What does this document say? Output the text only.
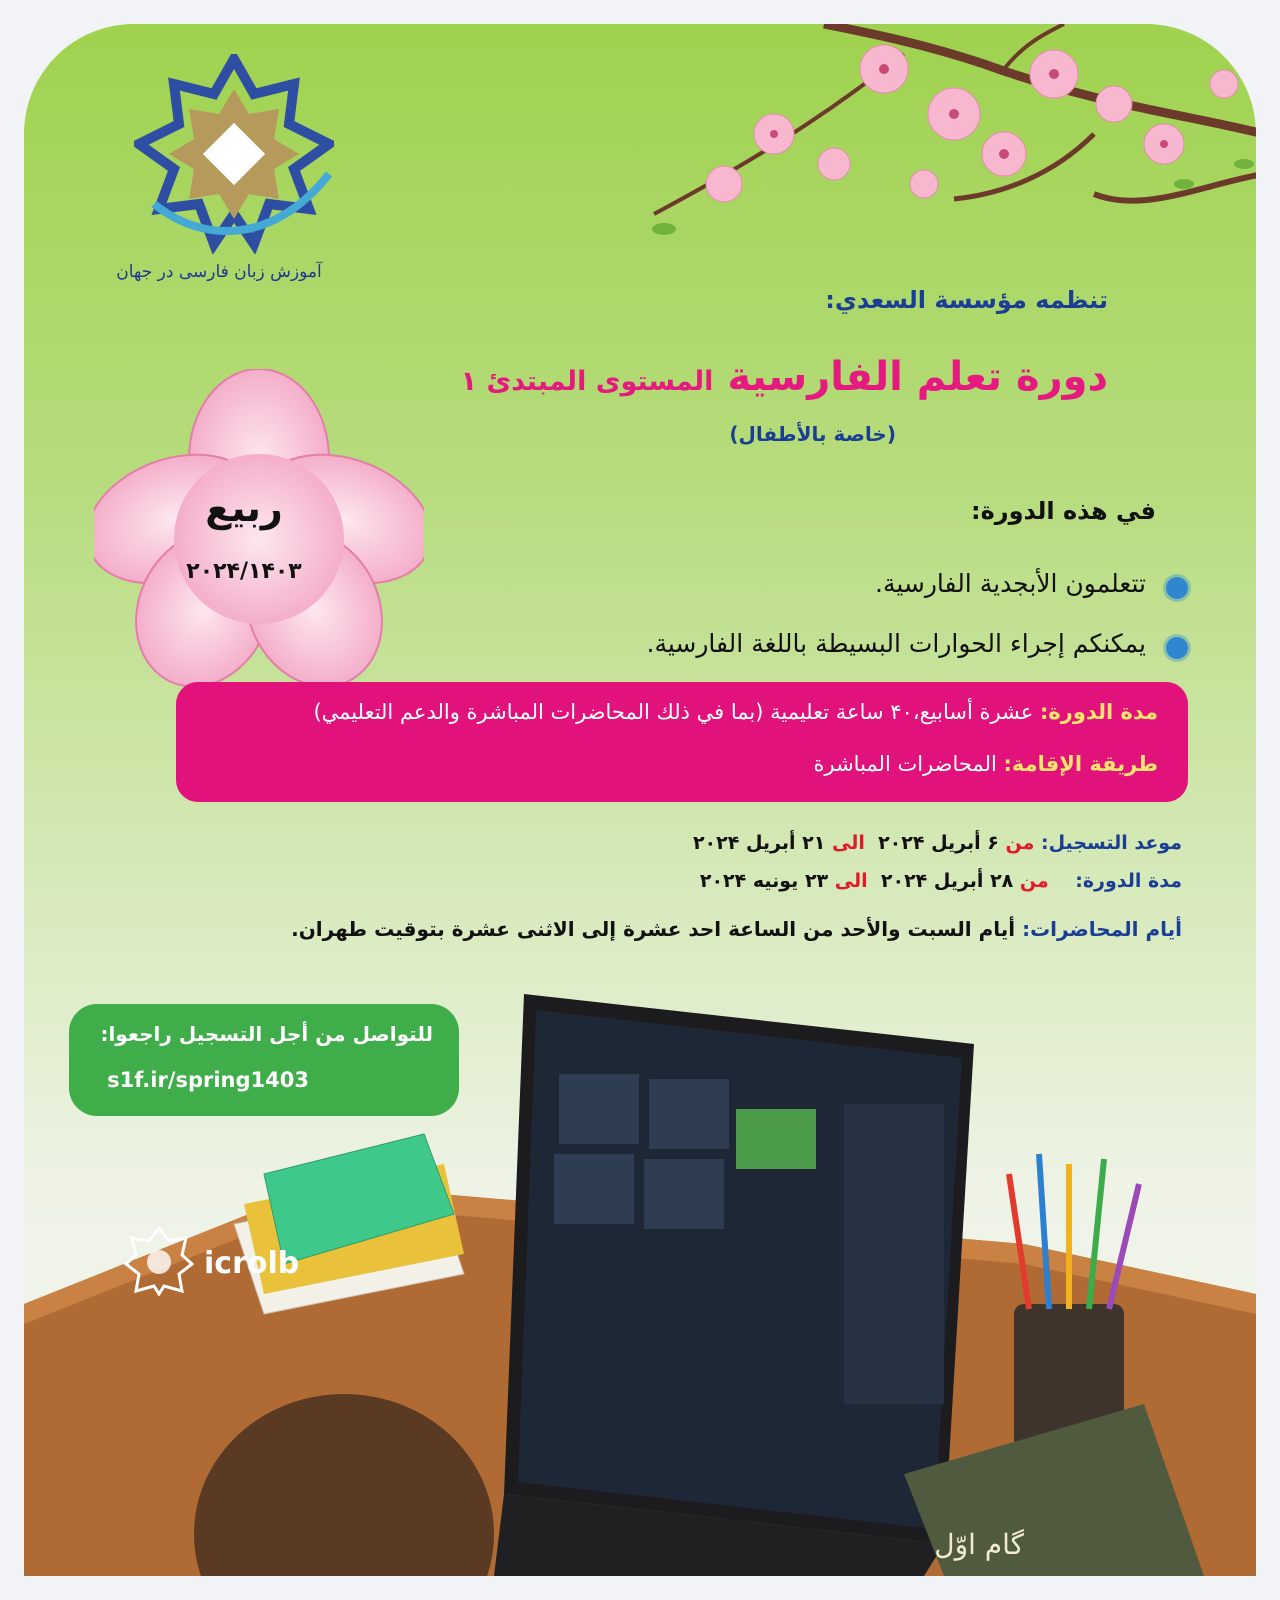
آموزش زبان فارسی در جهان
تنظمه مؤسسة السعدي:
دورة تعلم الفارسية المستوى المبتدئ ١
(خاصة بالأطفال)
ربيع
۲۰۲۴/۱۴۰۳
في هذه الدورة:
تتعلمون الأبجدية الفارسية.
يمكنكم إجراء الحوارات البسيطة باللغة الفارسية.
مدة الدورة: عشرة أسابيع،۴۰ ساعة تعليمية (بما في ذلك المحاضرات المباشرة والدعم التعليمي)
طريقة الإقامة: المحاضرات المباشرة
موعد التسجيل: من ۶ أبريل ۲۰۲۴  الى ۲۱ أبريل ۲۰۲۴
مدة الدورة:    من ۲۸ أبريل ۲۰۲۴  الى ۲۳ يونيه ۲۰۲۴
أيام المحاضرات: أيام السبت والأحد من الساعة احد عشرة إلى الاثنى عشرة بتوقيت طهران.
گام اوّل
icrolb
للتواصل من أجل التسجيل راجعوا:
s1f.ir/spring1403
